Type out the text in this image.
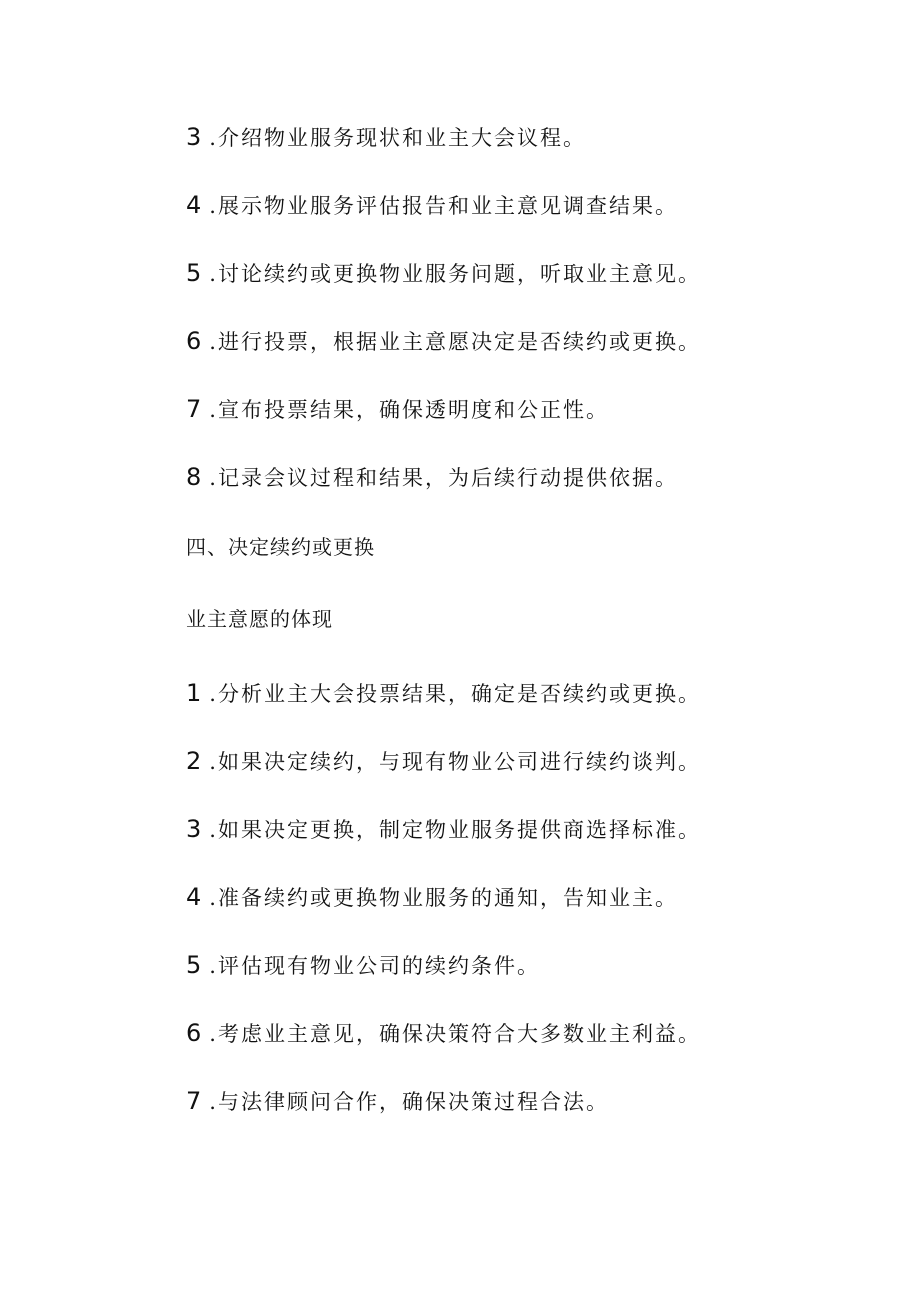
3 .介绍物业服务现状和业主大会议程。
4 .展示物业服务评估报告和业主意见调查结果。
5 .讨论续约或更换物业服务问题，听取业主意见。
6 .进行投票，根据业主意愿决定是否续约或更换。
7 .宣布投票结果，确保透明度和公正性。
8 .记录会议过程和结果，为后续行动提供依据。
四、决定续约或更换
业主意愿的体现
1 .分析业主大会投票结果，确定是否续约或更换。
2 .如果决定续约，与现有物业公司进行续约谈判。
3 .如果决定更换，制定物业服务提供商选择标准。
4 .准备续约或更换物业服务的通知，告知业主。
5 .评估现有物业公司的续约条件。
6 .考虑业主意见，确保决策符合大多数业主利益。
7 .与法律顾问合作，确保决策过程合法。
